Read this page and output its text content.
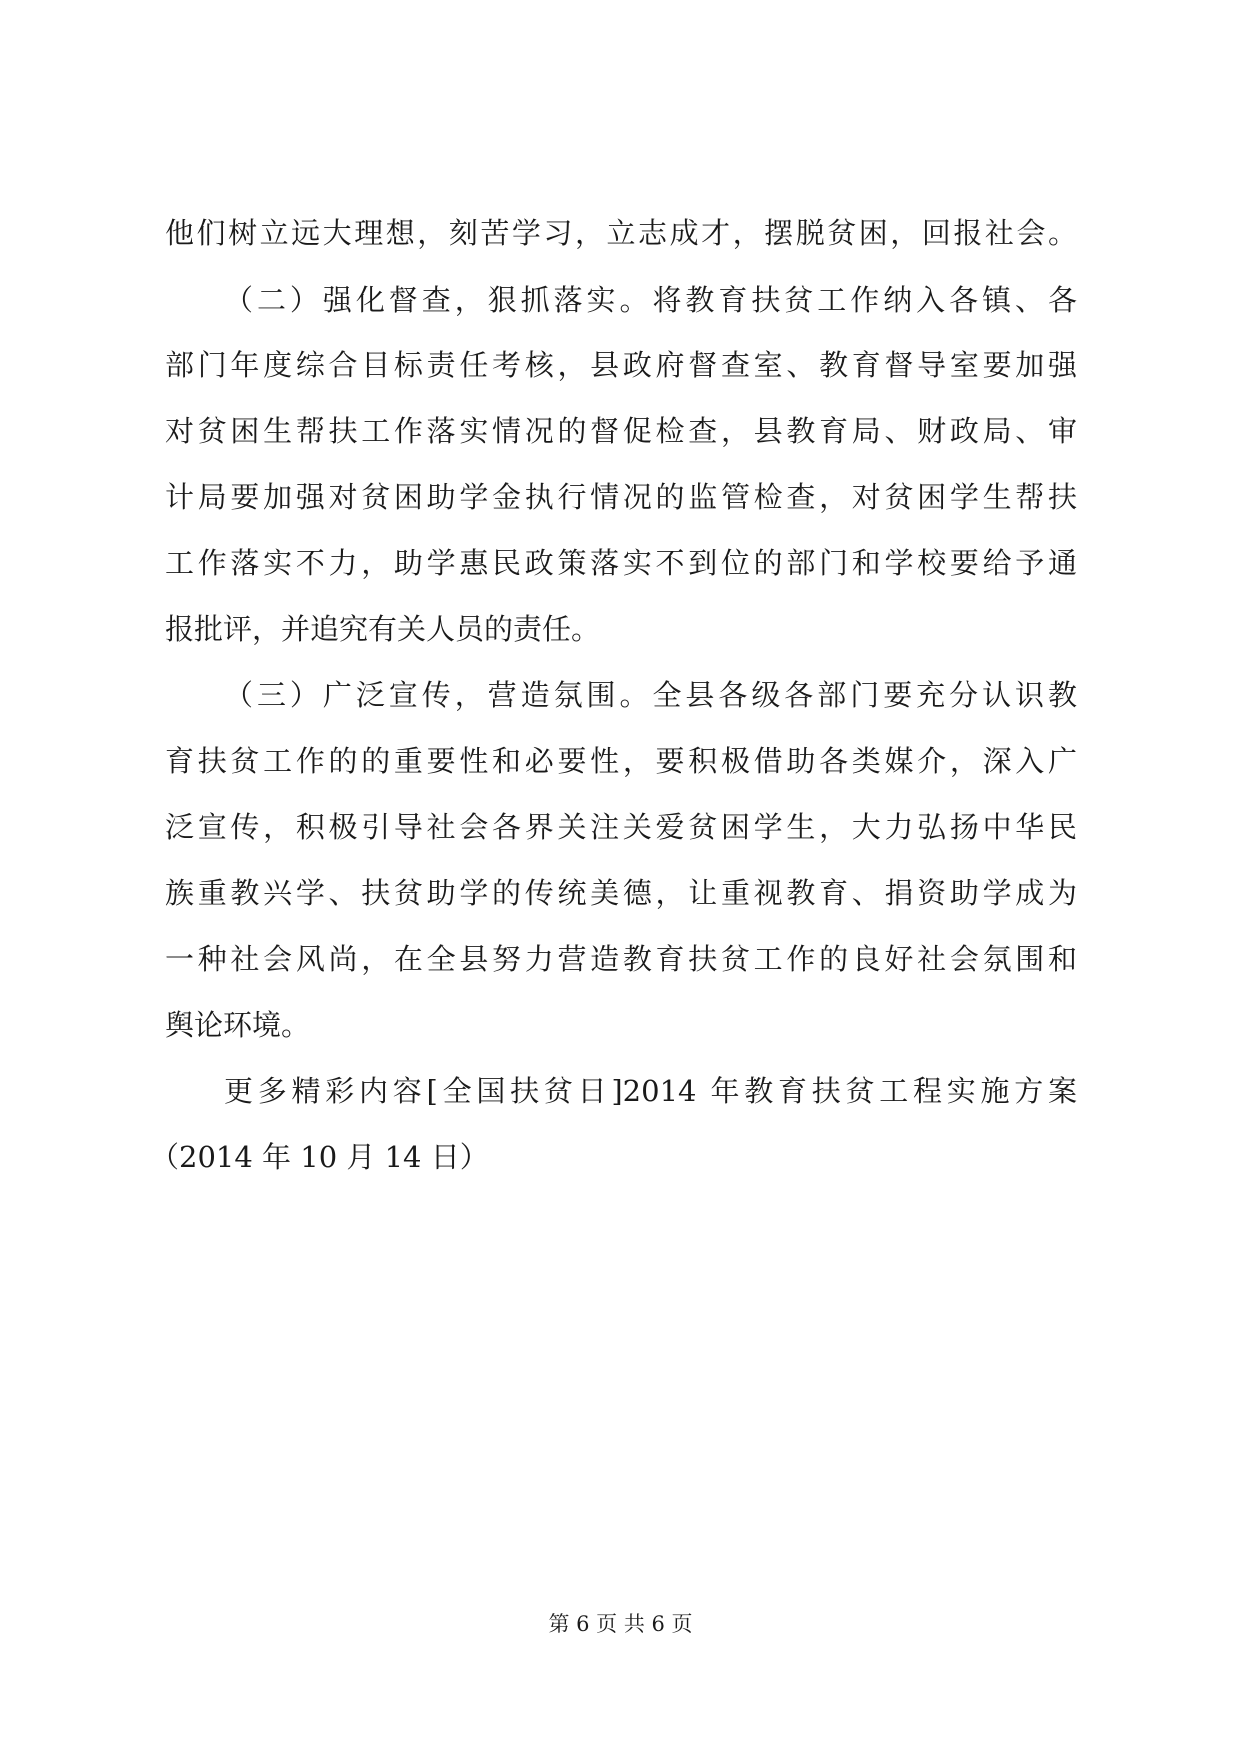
他们树立远大理想，刻苦学习，立志成才，摆脱贫困，回报社会。
（二）强化督查，狠抓落实。将教育扶贫工作纳入各镇、各
部门年度综合目标责任考核，县政府督查室、教育督导室要加强
对贫困生帮扶工作落实情况的督促检查，县教育局、财政局、审
计局要加强对贫困助学金执行情况的监管检查，对贫困学生帮扶
工作落实不力，助学惠民政策落实不到位的部门和学校要给予通
报批评，并追究有关人员的责任。
（三）广泛宣传，营造氛围。全县各级各部门要充分认识教
育扶贫工作的的重要性和必要性，要积极借助各类媒介，深入广
泛宣传，积极引导社会各界关注关爱贫困学生，大力弘扬中华民
族重教兴学、扶贫助学的传统美德，让重视教育、捐资助学成为
一种社会风尚，在全县努力营造教育扶贫工作的良好社会氛围和
舆论环境。
更多精彩内容[全国扶贫日]2014 年教育扶贫工程实施方案
（2014 年 10 月 14 日）
第 6 页 共 6 页
